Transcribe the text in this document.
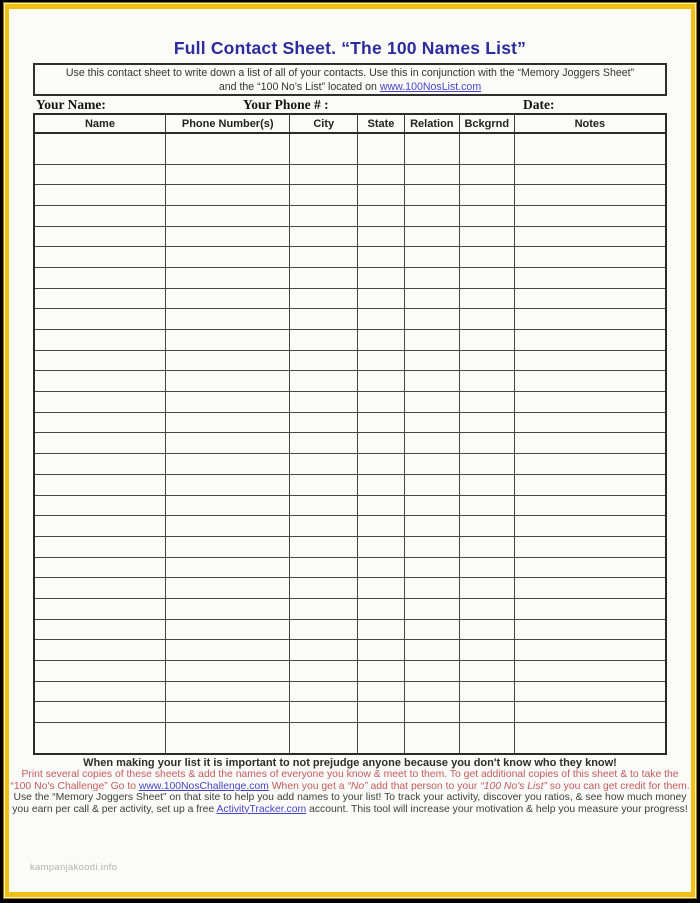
Full Contact Sheet. “The 100 Names List”
Use this contact sheet to write down a list of all of your contacts. Use this in conjunction with the “Memory Joggers Sheet”
and the “100 No's List” located on www.100NosList.com
Your Name:	Your Phone # :	Date:
Name	Phone Number(s)	City	State	Relation	Bckgrnd	Notes

When making your list it is important to not prejudge anyone because you don't know who they know!
Print several copies of these sheets & add the names of everyone you know & meet to them. To get additional copies of this sheet & to take the
“100 No's Challenge” Go to www.100NosChallenge.com When you get a “No” add that person to your “100 No's List” so you can get credit for them.
Use the “Memory Joggers Sheet” on that site to help you add names to your list! To track your activity, discover you ratios, & see how much money
you earn per call & per activity, set up a free ActivityTracker.com account. This tool will increase your motivation & help you measure your progress!
kampanjakoodi.info
